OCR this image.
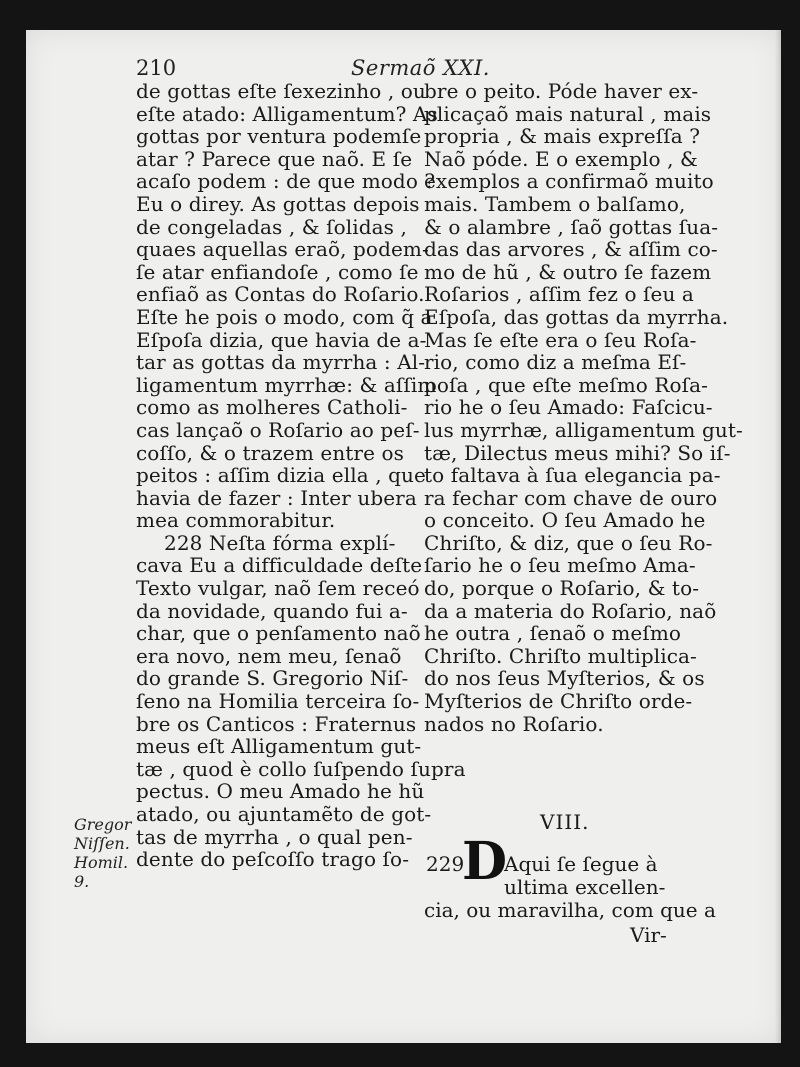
210	Sermaõ XXI.
de gottas eſte ſexezinho , ou
eſte atado: Alligamentum? As
gottas por ventura podemſe
atar ? Parece que naõ. E ſe
acaſo podem : de que modo ?
Eu o direy. As gottas depois
de congeladas , & ſolidas ,
quaes aquellas eraõ, podem-
ſe atar enfiandoſe , como ſe
enfiaõ as Contas do Roſario.
Eſte he pois o modo, com q̃ a
Eſpoſa dizia, que havia de a-
tar as gottas da myrrha : Al-
ligamentum myrrhæ: & aſſim
como as molheres Catholi-
cas lançaõ o Roſario ao peſ-
coſſo, & o trazem entre os
peitos : aſſim dizia ella , que
havia de fazer : Inter ubera
mea commorabitur.
228 Neſta fórma explí-
cava Eu a difficuldade deſte
Texto vulgar, naõ ſem receó
da novidade, quando fui a-
char, que o penſamento naõ
era novo, nem meu, ſenaõ
do grande S. Gregorio Niſ-
ſeno na Homilia terceira ſo-
bre os Canticos : Fraternus
meus eſt Alligamentum gut-
tæ , quod è collo ſuſpendo ſupra
pectus. O meu Amado he hũ
atado, ou ajuntamẽto de got-
tas de myrrha , o qual pen-
dente do peſcoſſo trago ſo-
bre o peito. Póde haver ex-
plicaçaõ mais natural , mais
propria , & mais expreſſa ?
Naõ póde. E o exemplo , &
exemplos a confirmaõ muito
mais. Tambem o balſamo,
& o alambre , ſaõ gottas ſua-
das das arvores , & aſſim co-
mo de hũ , & outro ſe fazem
Roſarios , aſſim fez o ſeu a
Eſpoſa, das gottas da myrrha.
Mas ſe eſte era o ſeu Roſa-
rio, como diz a meſma Eſ-
poſa , que eſte meſmo Roſa-
rio he o ſeu Amado: Faſcicu-
lus myrrhæ, alligamentum gut-
tæ, Dilectus meus mihi? So iſ-
to faltava à ſua elegancia pa-
ra fechar com chave de ouro
o conceito. O ſeu Amado he
Chriſto, & diz, que o ſeu Ro-
ſario he o ſeu meſmo Ama-
do, porque o Roſario, & to-
da a materia do Roſario, naõ
he outra , ſenaõ o meſmo
Chriſto. Chriſto multiplica-
do nos ſeus Myſterios, & os
Myſterios de Chriſto orde-
nados no Roſario.
VIII.
229
D
Aqui ſe ſegue à
ultima excellen-
cia, ou maravilha, com que a
Vir-
Gregor
Niſſen.
Homil.
9.
